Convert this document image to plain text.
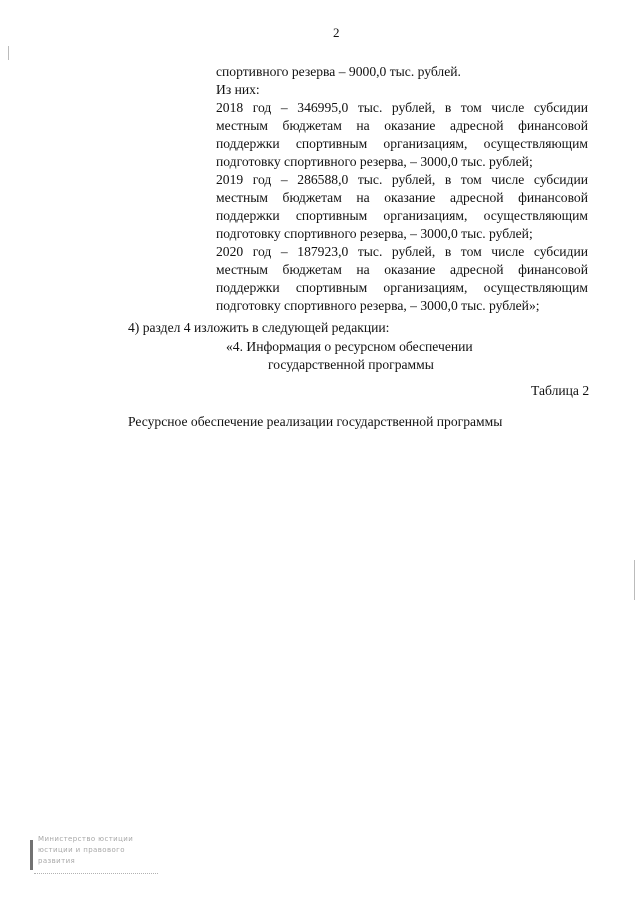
2
спортивного резерва – 9000,0 тыс. рублей.
Из них:
2018 год – 346995,0 тыс. рублей, в том числе субсидии
местным бюджетам на оказание адресной финансовой
поддержки спортивным организациям, осуществляющим
подготовку спортивного резерва, – 3000,0 тыс. рублей;
2019 год – 286588,0 тыс. рублей, в том числе субсидии
местным бюджетам на оказание адресной финансовой
поддержки спортивным организациям, осуществляющим
подготовку спортивного резерва, – 3000,0 тыс. рублей;
2020 год – 187923,0 тыс. рублей, в том числе субсидии
местным бюджетам на оказание адресной финансовой
поддержки спортивным организациям, осуществляющим
подготовку спортивного резерва, – 3000,0 тыс. рублей»;
4) раздел 4 изложить в следующей редакции:
«4. Информация о ресурсном обеспечении
государственной программы
Таблица 2
Ресурсное обеспечение реализации государственной программы
Министерство юстиции
юстиции и правового
развития
